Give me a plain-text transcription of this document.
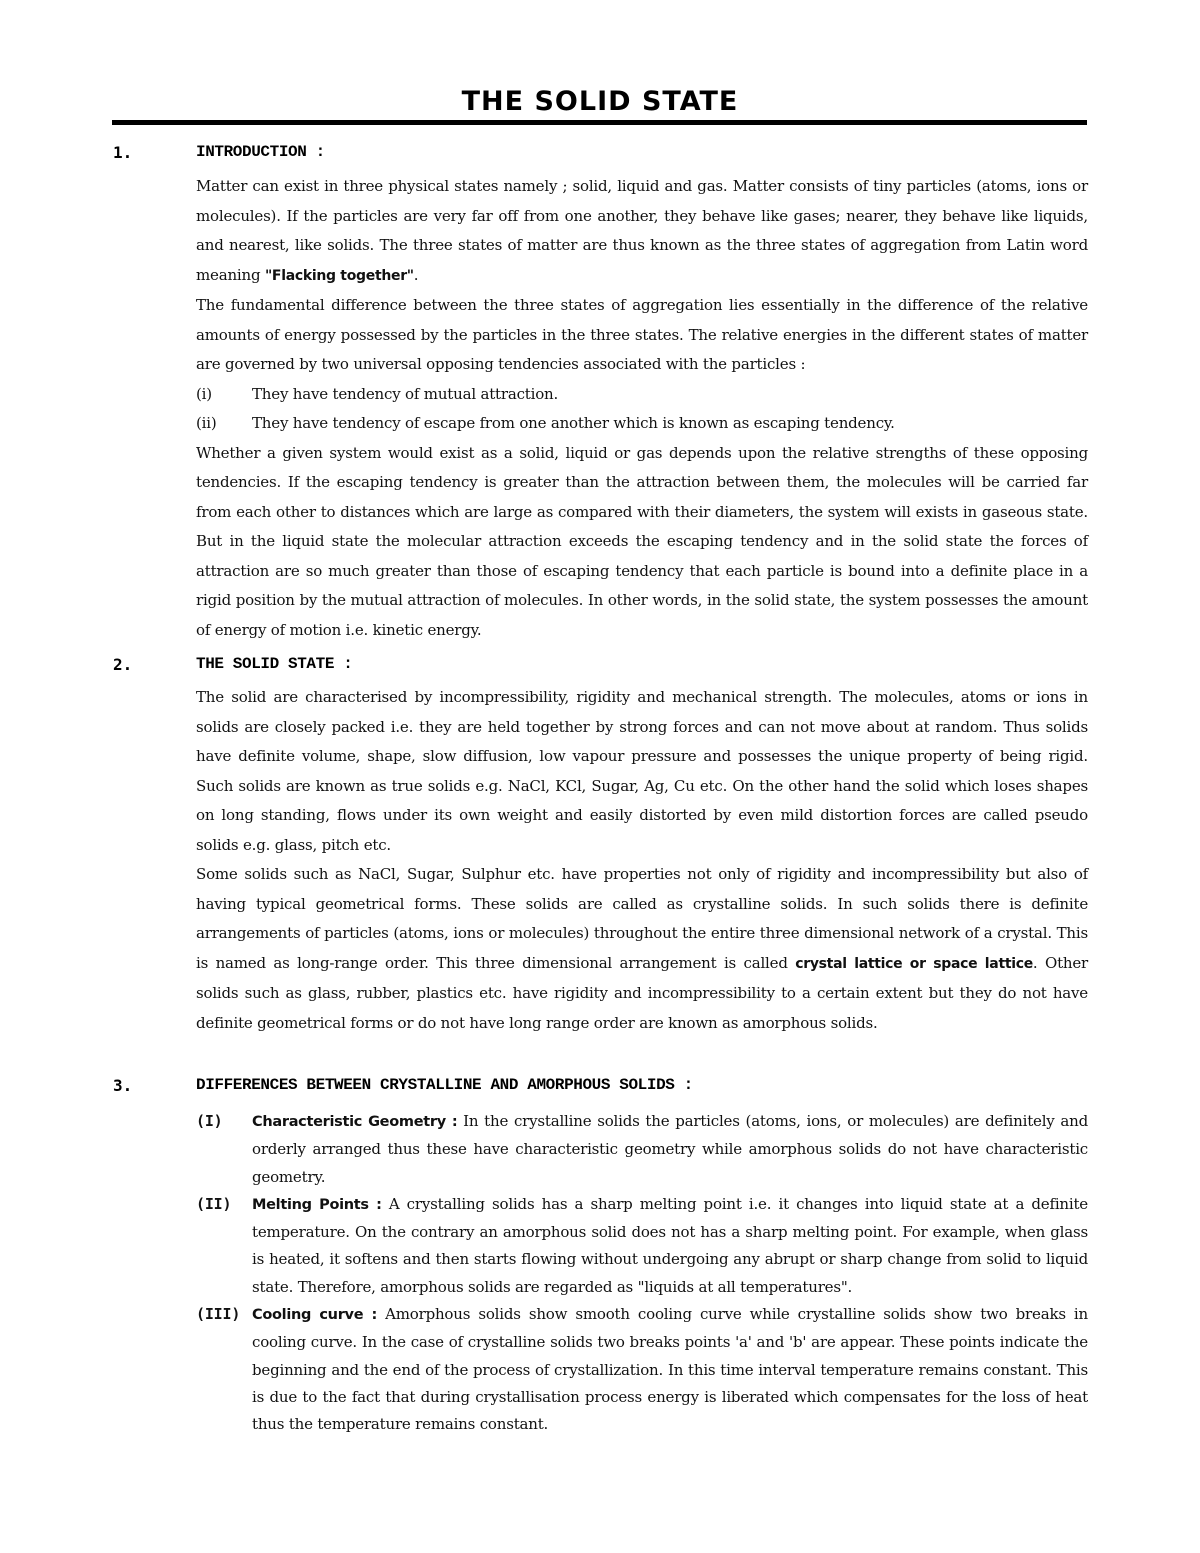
THE SOLID STATE
1.	INTRODUCTION :

Matter can exist in three physical states namely ; solid, liquid and gas. Matter consists of tiny particles (atoms, ions or molecules). If the particles are very far off from one another, they behave like gases; nearer, they behave like liquids, and nearest, like solids. The three states of matter are thus known as the three states of aggregation from Latin word meaning "Flacking together".

The fundamental difference between the three states of aggregation lies essentially in the difference of the relative amounts of energy possessed by the particles in the three states. The relative energies in the different states of matter are governed by two universal opposing tendencies associated with the particles :

(i)	They have tendency of mutual attraction.
(ii)	They have tendency of escape from one another which is known as escaping tendency.

Whether a given system would exist as a solid, liquid or gas depends upon the relative strengths of these opposing tendencies. If the escaping tendency is greater than the attraction between them, the molecules will be carried far from each other to distances which are large as compared with their diameters, the system will exists in gaseous state. But in the liquid state the molecular attraction exceeds the escaping tendency and in the solid state the forces of attraction are so much greater than those of escaping tendency that each particle is bound into a definite place in a rigid position by the mutual attraction of molecules. In other words, in the solid state, the system possesses the amount of energy of motion i.e. kinetic energy.

2.	THE SOLID STATE :

The solid are characterised by incompressibility, rigidity and mechanical strength. The molecules, atoms or ions in solids are closely packed i.e. they are held together by strong forces and can not move about at random. Thus solids have definite volume, shape, slow diffusion, low vapour pressure and possesses the unique property of being rigid. Such solids are known as true solids e.g. NaCl, KCl, Sugar, Ag, Cu etc. On the other hand the solid which loses shapes on long standing, flows under its own weight and easily distorted by even mild distortion forces are called pseudo solids e.g. glass, pitch etc.

Some solids such as NaCl, Sugar, Sulphur etc. have properties not only of rigidity and incompressibility but also of having typical geometrical forms. These solids are called as crystalline solids. In such solids there is definite arrangements of particles (atoms, ions or molecules) throughout the entire three dimensional network of a crystal. This is named as long-range order. This three dimensional arrangement is called crystal lattice or space lattice. Other solids such as glass, rubber, plastics etc. have rigidity and incompressibility to a certain extent but they do not have definite geometrical forms or do not have long range order are known as amorphous solids.

3.	DIFFERENCES BETWEEN CRYSTALLINE AND AMORPHOUS SOLIDS :
(I)	Characteristic Geometry : In the crystalline solids the particles (atoms, ions, or molecules) are definitely and orderly arranged thus these have characteristic geometry while amorphous solids do not have characteristic geometry.
(II)	Melting Points : A crystalling solids has a sharp melting point i.e. it changes into liquid state at a definite temperature. On the contrary an amorphous solid does not has a sharp melting point. For example, when glass is heated, it softens and then starts flowing without undergoing any abrupt or sharp change from solid to liquid state. Therefore, amorphous solids are regarded as "liquids at all temperatures".
(III) Cooling curve : Amorphous solids show smooth cooling curve while crystalline solids show two breaks in cooling curve. In the case of crystalline solids two breaks points 'a' and 'b' are appear. These points indicate the beginning and the end of the process of crystallization. In this time interval temperature remains constant. This is due to the fact that during crystallisation process energy is liberated which compensates for the loss of heat thus the temperature remains constant.
